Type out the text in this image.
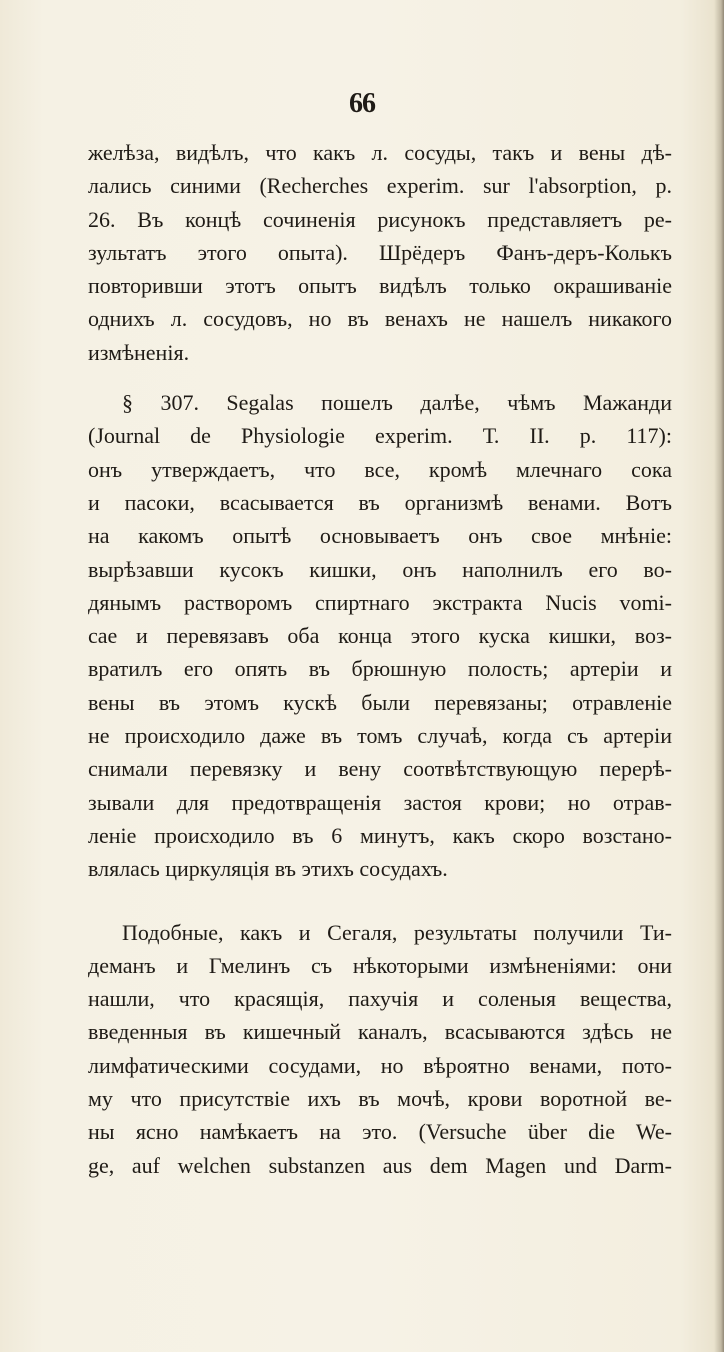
66
желѣза, видѣлъ, что какъ л. сосуды, такъ и вены дѣ-
лались синими (Recherches experim. sur l'absorption, p.
26. Въ концѣ сочиненія рисунокъ представляетъ ре-
зультатъ этого опыта). Шрёдеръ Фанъ-деръ-Колькъ
повторивши этотъ опытъ видѣлъ только окрашиваніе
однихъ л. сосудовъ, но въ венахъ не нашелъ никакого
измѣненія.
§ 307. Segalas пошелъ далѣе, чѣмъ Мажанди
(Journal de Physiologie experim. Т. II. p. 117):
онъ утверждаетъ, что все, кромѣ млечнаго сока
и пасоки, всасывается въ организмѣ венами. Вотъ
на какомъ опытѣ основываетъ онъ свое мнѣніе:
вырѣзавши кусокъ кишки, онъ наполнилъ его во-
дянымъ растворомъ спиртнаго экстракта Nucis vomi-
cae и перевязавъ оба конца этого куска кишки, воз-
вратилъ его опять въ брюшную полость; артеріи и
вены въ этомъ кускѣ были перевязаны; отравленіе
не происходило даже въ томъ случаѣ, когда съ артеріи
снимали перевязку и вену соотвѣтствующую перерѣ-
зывали для предотвращенія застоя крови; но отрав-
леніе происходило въ 6 минутъ, какъ скоро возстано-
влялась циркуляція въ этихъ сосудахъ.
Подобные, какъ и Сегаля, результаты получили Ти-
деманъ и Гмелинъ съ нѣкоторыми измѣненіями: они
нашли, что красящія, пахучія и соленыя вещества,
введенныя въ кишечный каналъ, всасываются здѣсь не
лимфатическими сосудами, но вѣроятно венами, пото-
му что присутствіе ихъ въ мочѣ, крови воротной ве-
ны ясно намѣкаетъ на это. (Versuche über die We-
ge, auf welchen substanzen aus dem Magen und Darm-
